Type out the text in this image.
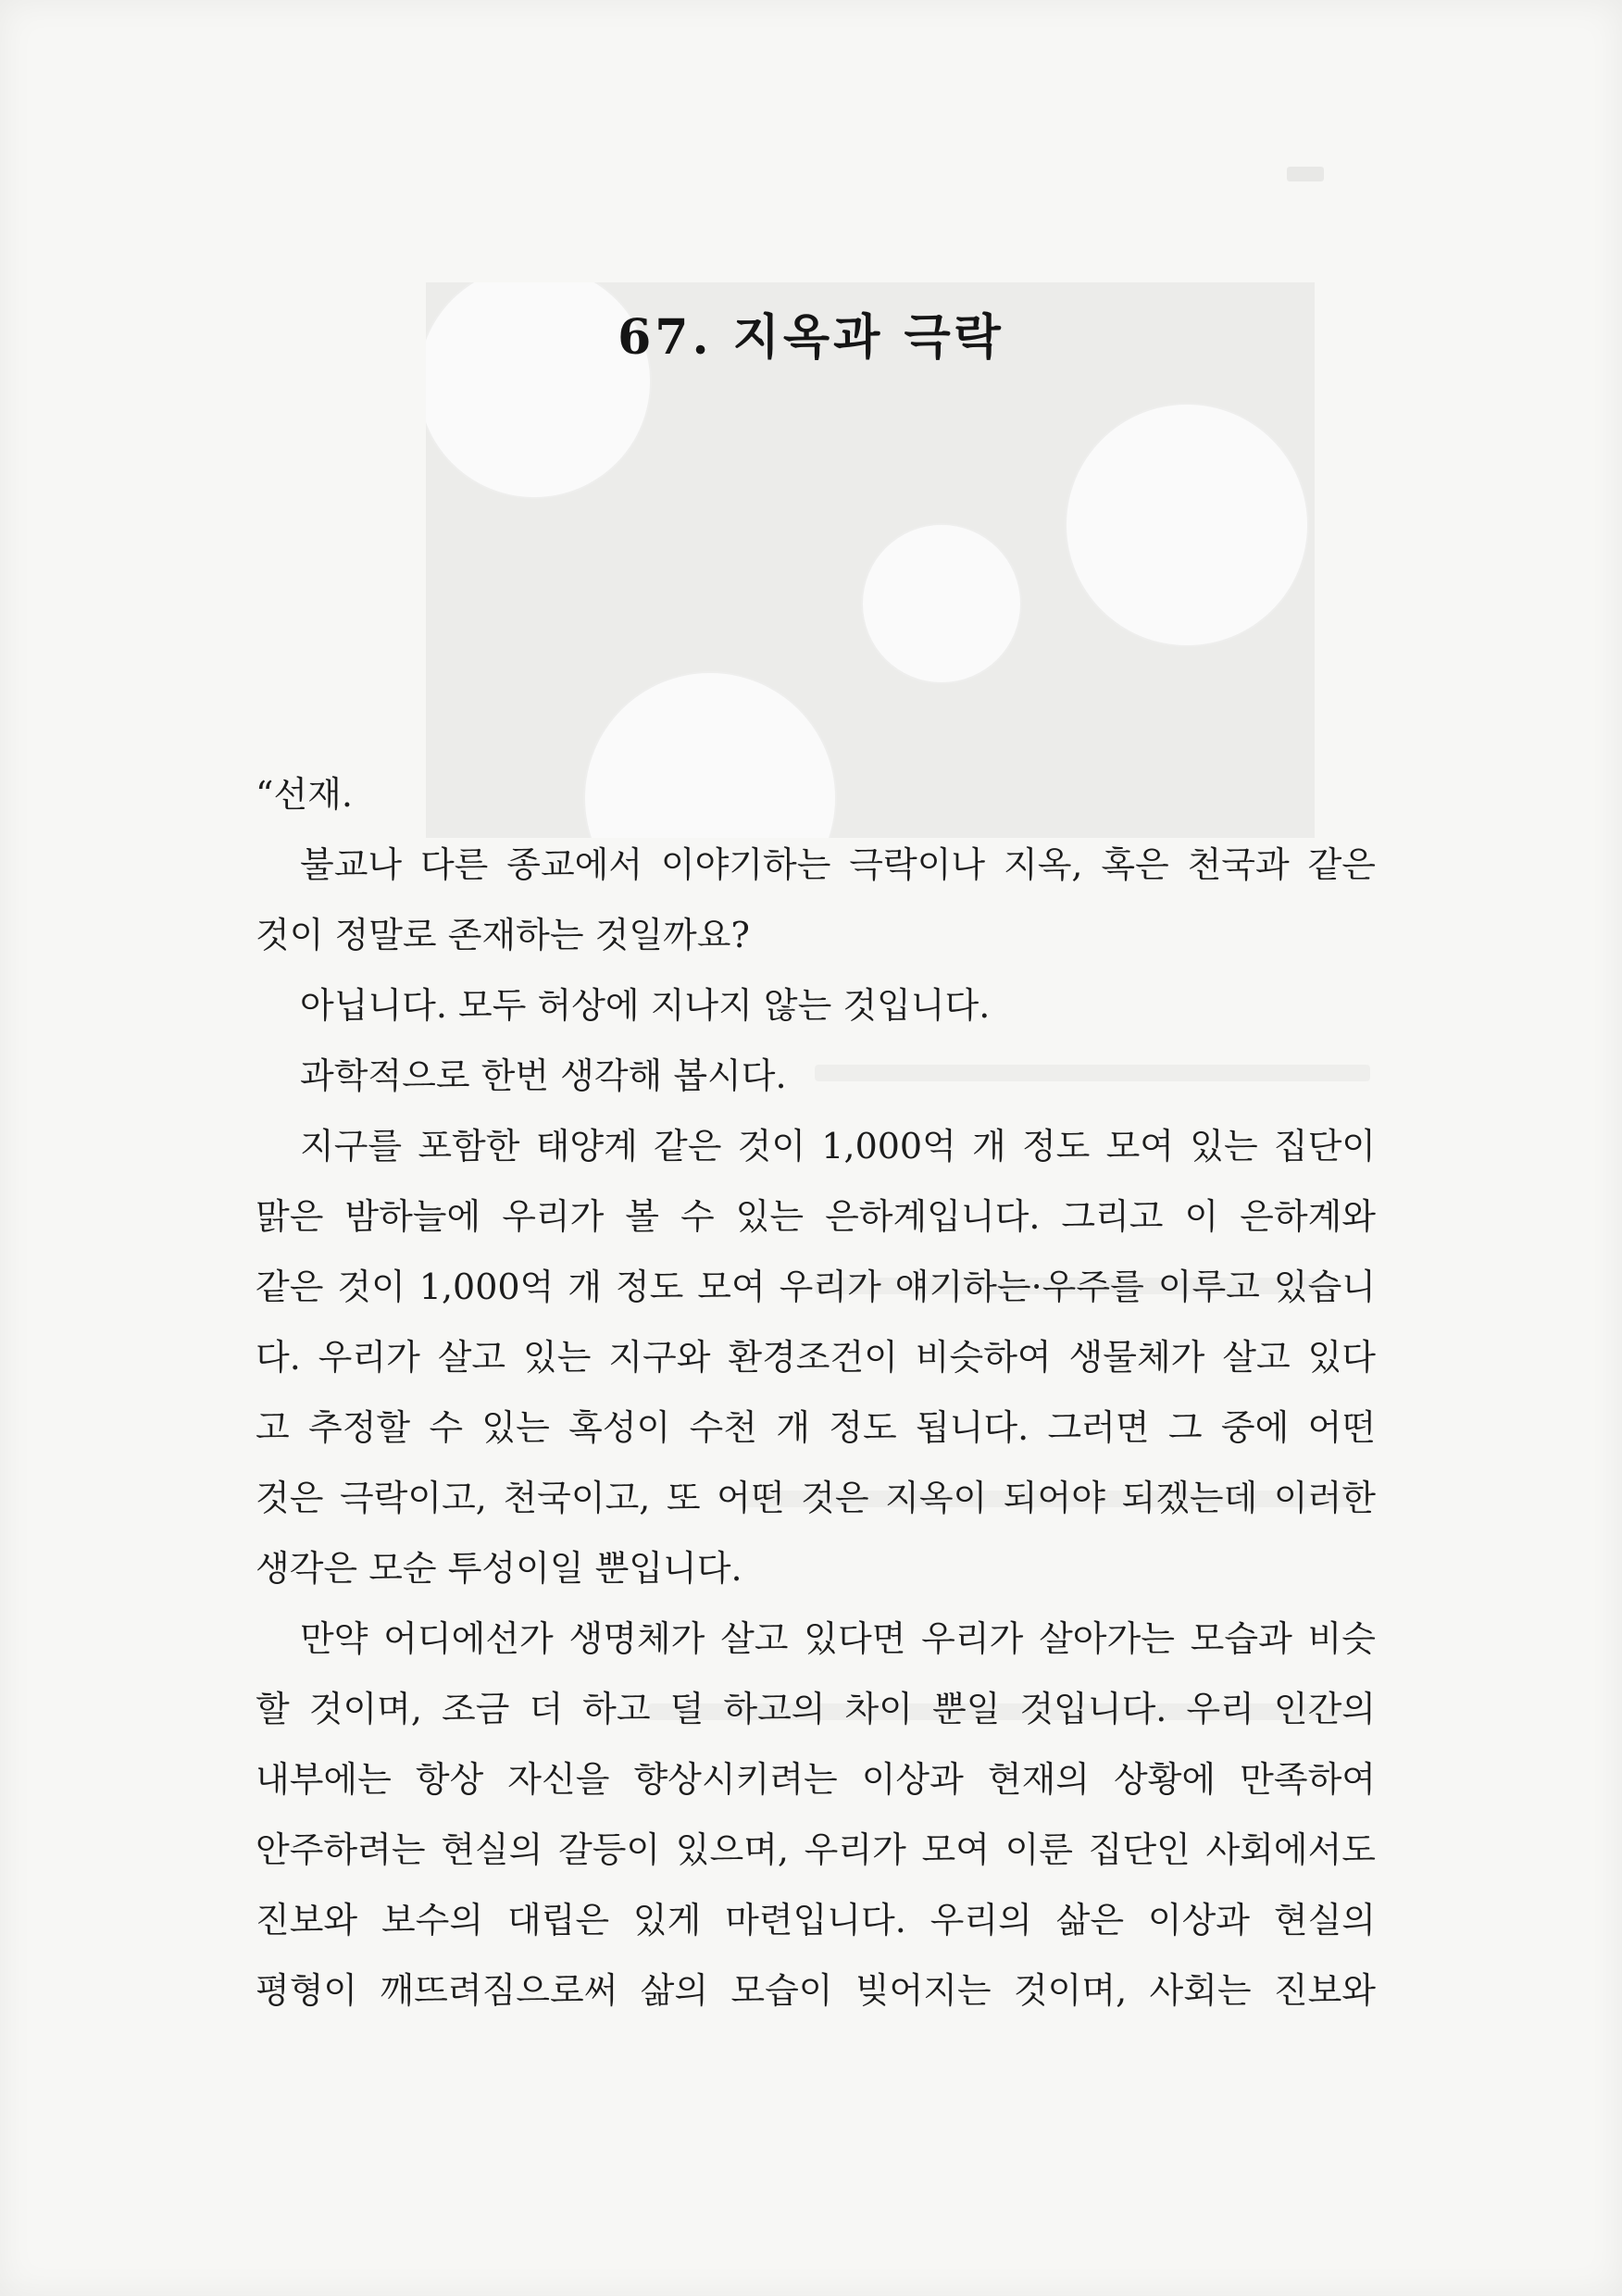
67. 지옥과 극락
“선재.
불교나 다른 종교에서 이야기하는 극락이나 지옥, 혹은 천국과 같은
것이 정말로 존재하는 것일까요?
아닙니다. 모두 허상에 지나지 않는 것입니다.
과학적으로 한번 생각해 봅시다.
지구를 포함한 태양계 같은 것이 1,000억 개 정도 모여 있는 집단이
맑은 밤하늘에 우리가 볼 수 있는 은하계입니다. 그리고 이 은하계와
같은 것이 1,000억 개 정도 모여 우리가 얘기하는·우주를 이루고 있습니
다. 우리가 살고 있는 지구와 환경조건이 비슷하여 생물체가 살고 있다
고 추정할 수 있는 혹성이 수천 개 정도 됩니다. 그러면 그 중에 어떤
것은 극락이고, 천국이고, 또 어떤 것은 지옥이 되어야 되겠는데 이러한
생각은 모순 투성이일 뿐입니다.
만약 어디에선가 생명체가 살고 있다면 우리가 살아가는 모습과 비슷
할 것이며, 조금 더 하고 덜 하고의 차이 뿐일 것입니다. 우리 인간의
내부에는 항상 자신을 향상시키려는 이상과 현재의 상황에 만족하여
안주하려는 현실의 갈등이 있으며, 우리가 모여 이룬 집단인 사회에서도
진보와 보수의 대립은 있게 마련입니다. 우리의 삶은 이상과 현실의
평형이 깨뜨려짐으로써 삶의 모습이 빚어지는 것이며, 사회는 진보와
